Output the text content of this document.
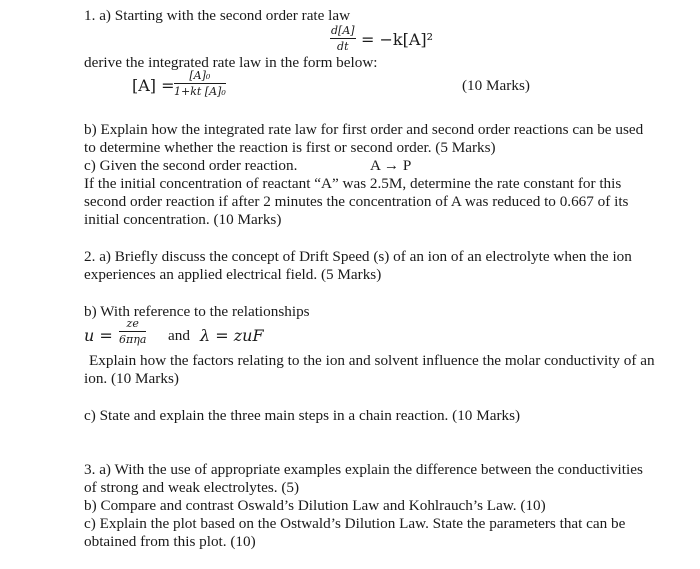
1. a) Starting with the second order rate law
$\frac{d[A]}{dt} = -k[A]^2$
derive the integrated rate law in the form below:
$[A] = \frac{\text{[A]₀}}{\text{1+kt [A]₀}}$	(10 Marks)
b) Explain how the integrated rate law for first order and second order reactions can be used
to determine whether the reaction is first or second order. (5 Marks)
c) Given the second order reaction.	A → P
If the initial concentration of reactant “A” was 2.5M, determine the rate constant for this
second order reaction if after 2 minutes the concentration of A was reduced to 0.667 of its
initial concentration. (10 Marks)
2. a) Briefly discuss the concept of Drift Speed (s) of an ion of an electrolyte when the ion
experiences an applied electrical field. (5 Marks)
b) With reference to the relationships
u =
ze
6πηa and λ = zuF
Explain how the factors relating to the ion and solvent influence the molar conductivity of an
ion. (10 Marks)
c) State and explain the three main steps in a chain reaction. (10 Marks)
3. a) With the use of appropriate examples explain the difference between the conductivities
of strong and weak electrolytes. (5)
b) Compare and contrast Oswald’s Dilution Law and Kohlrauch’s Law. (10)
c) Explain the plot based on the Ostwald’s Dilution Law. State the parameters that can be
obtained from this plot. (10)
